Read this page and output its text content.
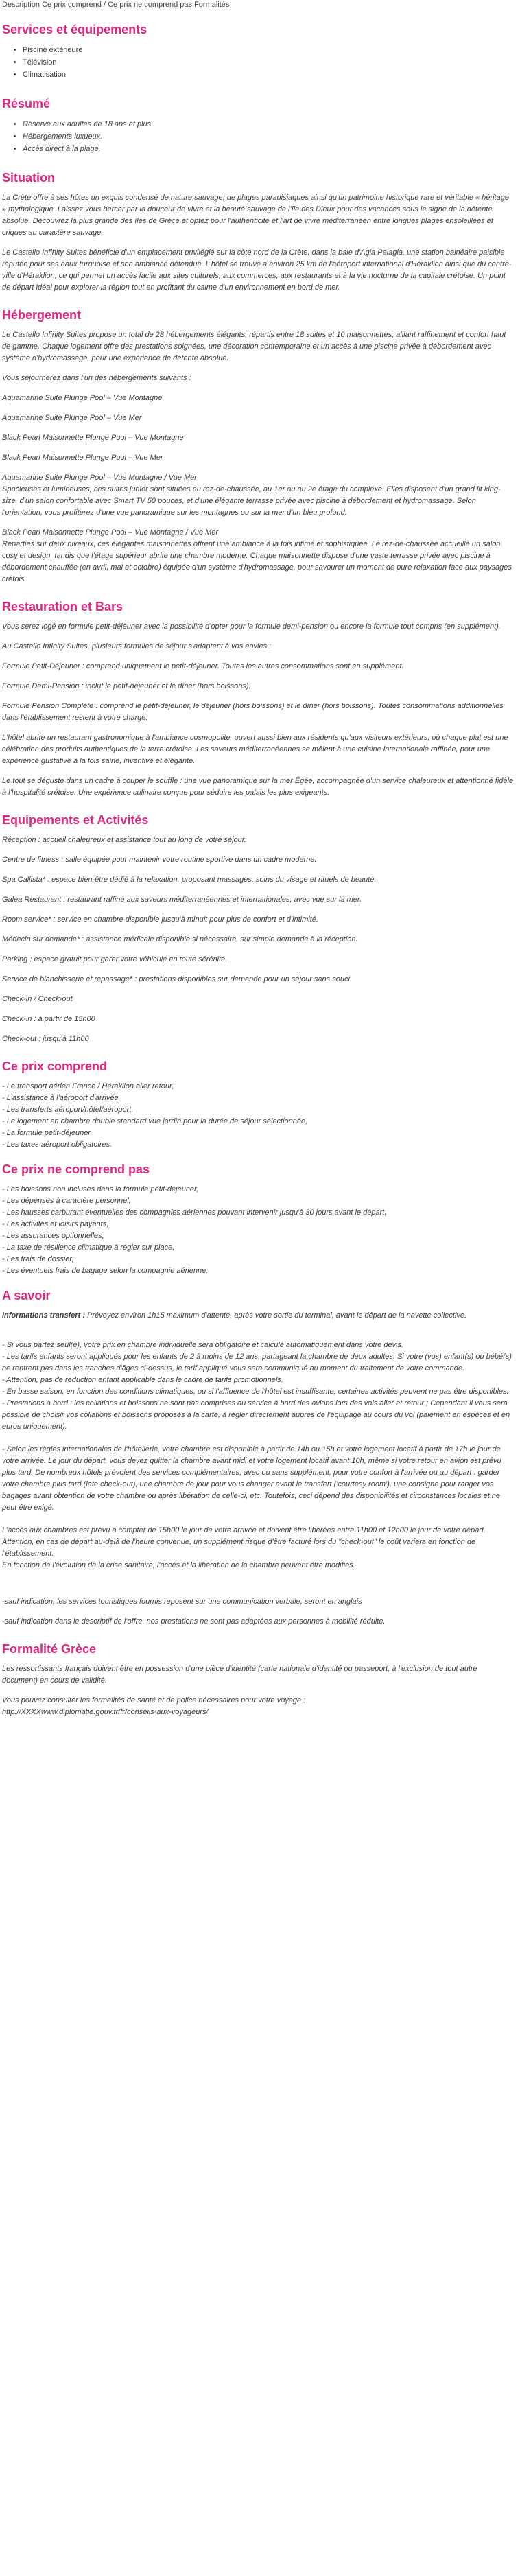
Description Ce prix comprend / Ce prix ne comprend pas Formalités
Services et équipements
• Piscine extérieure
• Télévision
• Climatisation
Résumé
• Réservé aux adultes de 18 ans et plus.
• Hébergements luxueux.
• Accès direct à la plage.
Situation

La Crète offre à ses hôtes un exquis condensé de nature sauvage, de plages paradisiaques ainsi qu'un patrimoine historique rare et véritable « héritage » mythologique. Laissez vous bercer par la douceur de vivre et la beauté sauvage de l'île des Dieux pour des vacances sous le signe de la détente absolue. Découvrez la plus grande des îles de Grèce et optez pour l'authenticité et l'art de vivre méditerranéen entre longues plages ensoleillées et criques au caractère sauvage.

Le Castello Infinity Suites bénéficie d'un emplacement privilégié sur la côte nord de la Crète, dans la baie d'Agia Pelagia, une station balnéaire paisible réputée pour ses eaux turquoise et son ambiance détendue. L'hôtel se trouve à environ 25 km de l'aéroport international d'Héraklion ainsi que du centre-ville d'Héraklion, ce qui permet un accès facile aux sites culturels, aux commerces, aux restaurants et à la vie nocturne de la capitale crétoise. Un point de départ idéal pour explorer la région tout en profitant du calme d'un environnement en bord de mer.

Hébergement

Le Castello Infinity Suites propose un total de 28 hébergements élégants, répartis entre 18 suites et 10 maisonnettes, alliant raffinement et confort haut de gamme. Chaque logement offre des prestations soignées, une décoration contemporaine et un accès à une piscine privée à débordement avec système d'hydromassage, pour une expérience de détente absolue.

Vous séjournerez dans l'un des hébergements suivants :

Aquamarine Suite Plunge Pool – Vue Montagne

Aquamarine Suite Plunge Pool – Vue Mer

Black Pearl Maisonnette Plunge Pool – Vue Montagne

Black Pearl Maisonnette Plunge Pool – Vue Mer

Aquamarine Suite Plunge Pool – Vue Montagne / Vue Mer

Spacieuses et lumineuses, ces suites junior sont situées au rez-de-chaussée, au 1er ou au 2e étage du complexe. Elles disposent d'un grand lit king-size, d'un salon confortable avec Smart TV 50 pouces, et d'une élégante terrasse privée avec piscine à débordement et hydromassage. Selon l'orientation, vous profiterez d'une vue panoramique sur les montagnes ou sur la mer d'un bleu profond.

Black Pearl Maisonnette Plunge Pool – Vue Montagne / Vue Mer

Réparties sur deux niveaux, ces élégantes maisonnettes offrent une ambiance à la fois intime et sophistiquée. Le rez-de-chaussée accueille un salon cosy et design, tandis que l'étage supérieur abrite une chambre moderne. Chaque maisonnette dispose d'une vaste terrasse privée avec piscine à débordement chauffée (en avril, mai et octobre) équipée d'un système d'hydromassage, pour savourer un moment de pure relaxation face aux paysages crétois.

Restauration et Bars

Vous serez logé en formule petit-déjeuner avec la possibilité d'opter pour la formule demi-pension ou encore la formule tout compris (en supplément).

Au Castello Infinity Suites, plusieurs formules de séjour s'adaptent à vos envies :

Formule Petit-Déjeuner : comprend uniquement le petit-déjeuner. Toutes les autres consommations sont en supplément.

Formule Demi-Pension : inclut le petit-déjeuner et le dîner (hors boissons).

Formule Pension Complète : comprend le petit-déjeuner, le déjeuner (hors boissons) et le dîner (hors boissons). Toutes consommations additionnelles dans l'établissement restent à votre charge.

L'hôtel abrite un restaurant gastronomique à l'ambiance cosmopolite, ouvert aussi bien aux résidents qu'aux visiteurs extérieurs, où chaque plat est une célébration des produits authentiques de la terre crétoise. Les saveurs méditerranéennes se mêlent à une cuisine internationale raffinée, pour une expérience gustative à la fois saine, inventive et élégante.

Le tout se déguste dans un cadre à couper le souffle : une vue panoramique sur la mer Égée, accompagnée d'un service chaleureux et attentionné fidèle à l'hospitalité crétoise. Une expérience culinaire conçue pour séduire les palais les plus exigeants.

Equipements et Activités

Réception : accueil chaleureux et assistance tout au long de votre séjour.

Centre de fitness : salle équipée pour maintenir votre routine sportive dans un cadre moderne.

Spa Callista* : espace bien-être dédié à la relaxation, proposant massages, soins du visage et rituels de beauté.

Galea Restaurant : restaurant raffiné aux saveurs méditerranéennes et internationales, avec vue sur la mer.

Room service* : service en chambre disponible jusqu'à minuit pour plus de confort et d'intimité.

Médecin sur demande* : assistance médicale disponible si nécessaire, sur simple demande à la réception.

Parking : espace gratuit pour garer votre véhicule en toute sérénité.

Service de blanchisserie et repassage* : prestations disponibles sur demande pour un séjour sans souci.

Check-in / Check-out

Check-in : à partir de 15h00

Check-out : jusqu'à 11h00

Ce prix comprend

- Le transport aérien France / Héraklion aller retour,

- L'assistance à l'aéroport d'arrivée,

- Les transferts aéroport/hôtel/aéroport,

- Le logement en chambre double standard vue jardin pour la durée de séjour sélectionnée,

- La formule petit-déjeuner,

- Les taxes aéroport obligatoires.

Ce prix ne comprend pas

- Les boissons non incluses dans la formule petit-déjeuner,

- Les dépenses à caractère personnel,

- Les hausses carburant éventuelles des compagnies aériennes pouvant intervenir jusqu'à 30 jours avant le départ,

- Les activités et loisirs payants,

- Les assurances optionnelles,

- La taxe de résilience climatique à régler sur place,

- Les frais de dossier,

- Les éventuels frais de bagage selon la compagnie aérienne.

A savoir

Informations transfert : Prévoyez environ 1h15 maximum d'attente, après votre sortie du terminal, avant le départ de la navette collective.

- Si vous partez seul(e), votre prix en chambre individuelle sera obligatoire et calculé automatiquement dans votre devis.

- Les tarifs enfants seront appliqués pour les enfants de 2 à moins de 12 ans, partageant la chambre de deux adultes. Si votre (vos) enfant(s) ou bébé(s) ne rentrent pas dans les tranches d'âges ci-dessus, le tarif appliqué vous sera communiqué au moment du traitement de votre commande.

- Attention, pas de réduction enfant applicable dans le cadre de tarifs promotionnels.

- En basse saison, en fonction des conditions climatiques, ou si l'affluence de l'hôtel est insuffisante, certaines activités peuvent ne pas être disponibles.

- Prestations à bord : les collations et boissons ne sont pas comprises au service à bord des avions lors des vols aller et retour ; Cependant il vous sera possible de choisir vos collations et boissons proposés à la carte, à régler directement auprès de l'équipage au cours du vol (paiement en espèces et en euros uniquement).

- Selon les règles internationales de l'hôtellerie, votre chambre est disponible à partir de 14h ou 15h et votre logement locatif à partir de 17h le jour de votre arrivée. Le jour du départ, vous devez quitter la chambre avant midi et votre logement locatif avant 10h, même si votre retour en avion est prévu plus tard. De nombreux hôtels prévoient des services complémentaires, avec ou sans supplément, pour votre confort à l'arrivée ou au départ : garder votre chambre plus tard (late check-out), une chambre de jour pour vous changer avant le transfert ('courtesy room'), une consigne pour ranger vos bagages avant obtention de votre chambre ou après libération de celle-ci, etc. Toutefois, ceci dépend des disponibilités et circonstances locales et ne peut être exigé.

L'accès aux chambres est prévu à compter de 15h00 le jour de votre arrivée et doivent être libérées entre 11h00 et 12h00 le jour de votre départ.

Attention, en cas de départ au-delà de l'heure convenue, un supplément risque d'être facturé lors du "check-out" le coût variera en fonction de l'établissement.

En fonction de l'évolution de la crise sanitaire, l'accès et la libération de la chambre peuvent être modifiés.

-sauf indication, les services touristiques fournis reposent sur une communication verbale, seront en anglais

-sauf indication dans le descriptif de l'offre, nos prestations ne sont pas adaptées aux personnes à mobilité réduite.

Formalité Grèce

Les ressortissants français doivent être en possession d'une pièce d'identité (carte nationale d'identité ou passeport, à l'exclusion de tout autre document) en cours de validité.

Vous pouvez consulter les formalités de santé et de police nécessaires pour votre voyage :

http://XXXXwww.diplomatie.gouv.fr/fr/conseils-aux-voyageurs/
